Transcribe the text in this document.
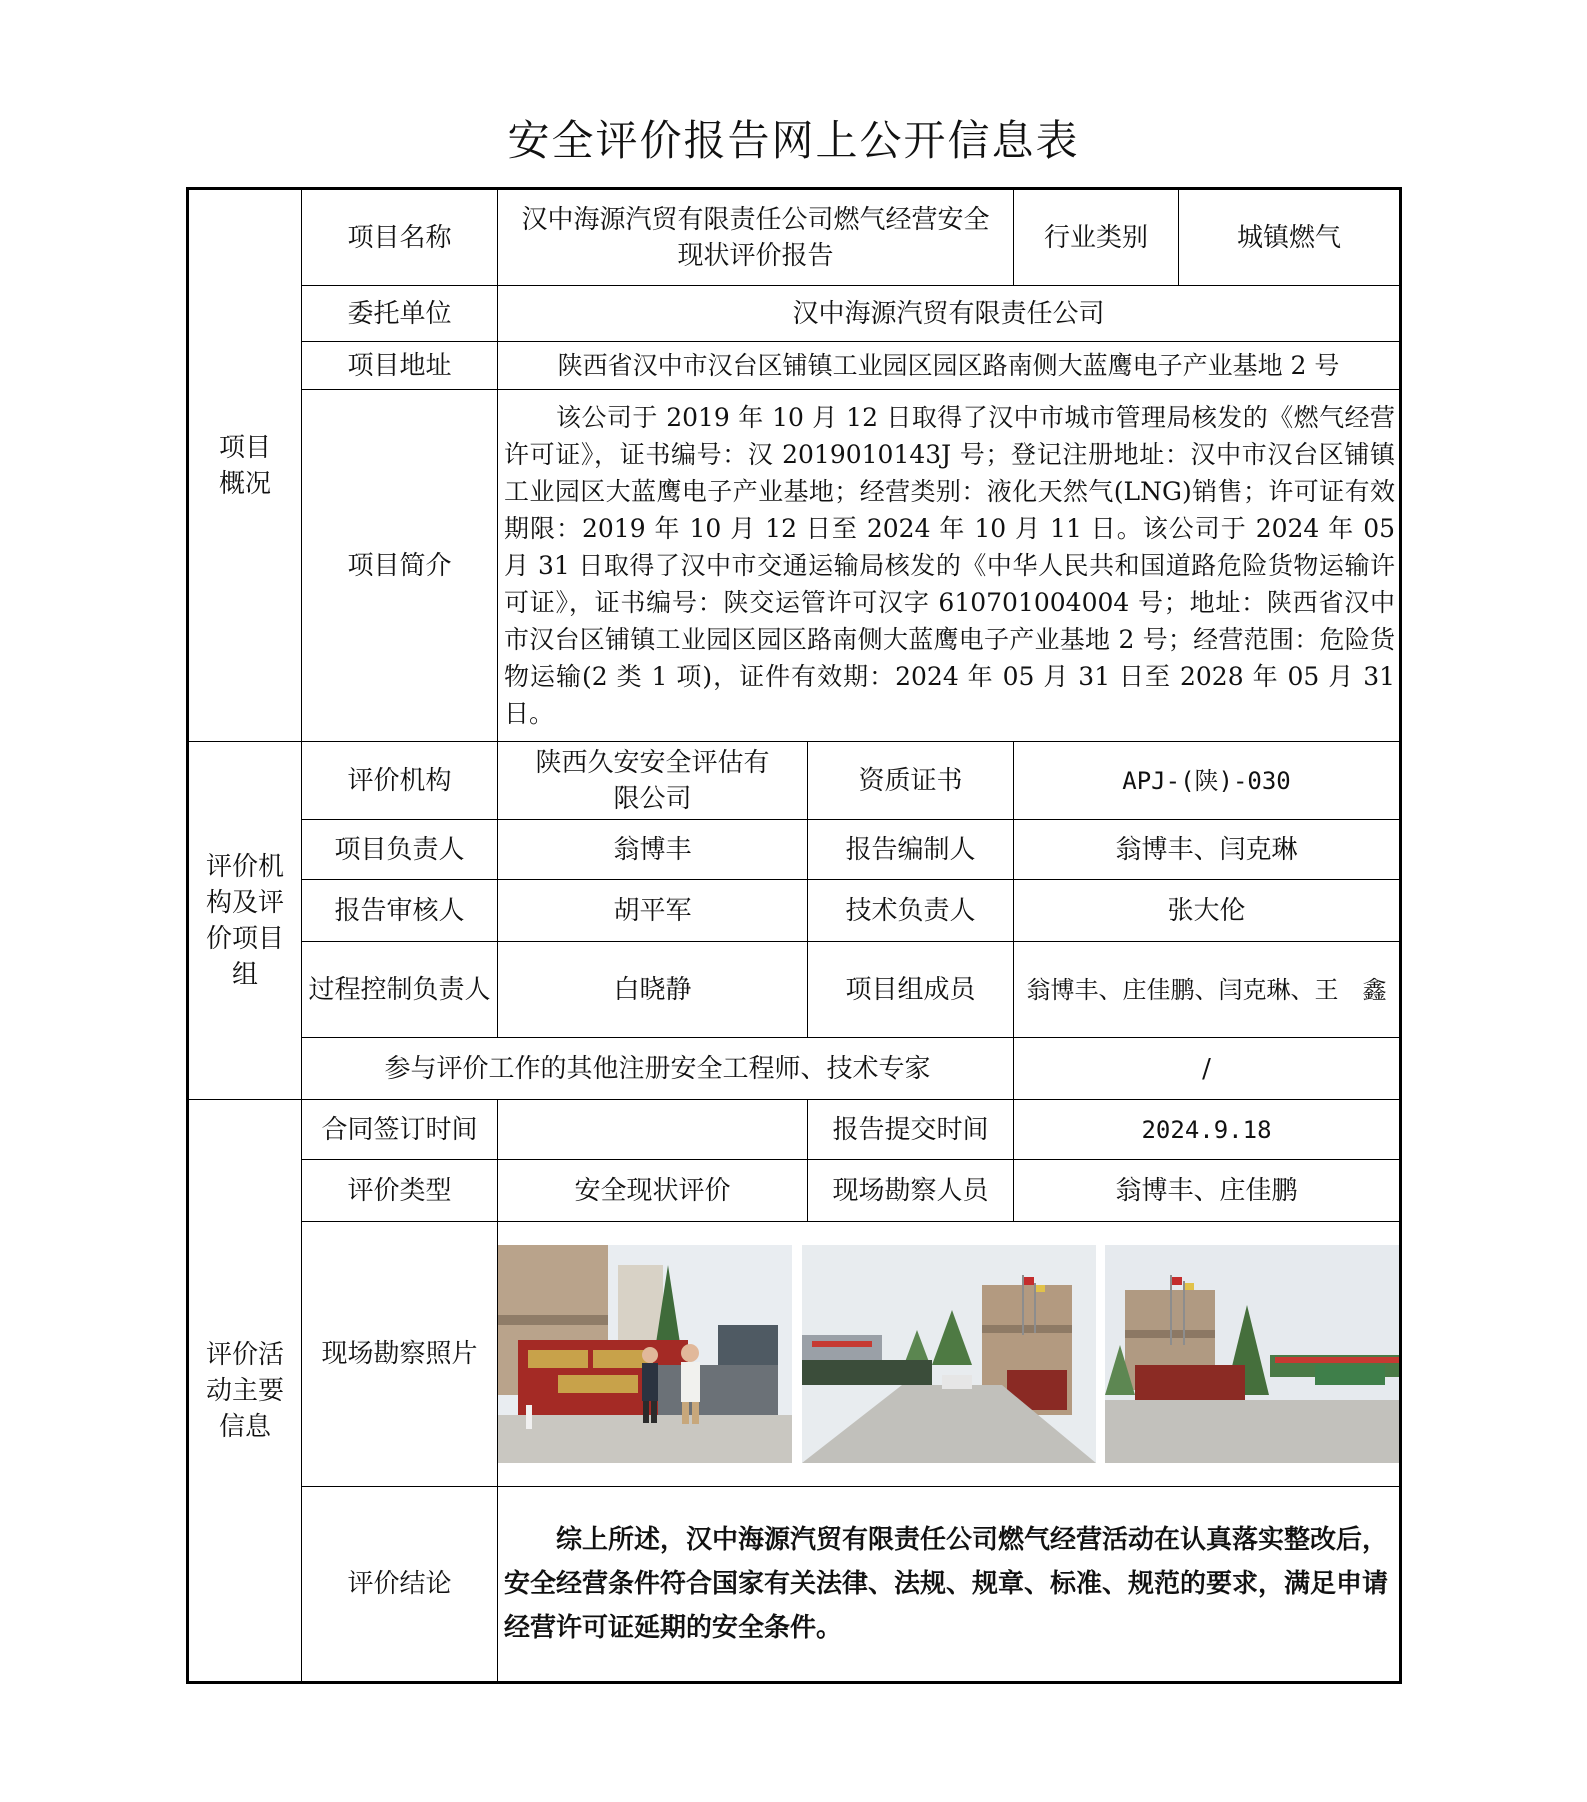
安全评价报告网上公开信息表
项目
概况	项目名称	汉中海源汽贸有限责任公司燃气经营安全现状评价报告		行业类别	城镇燃气
	委托单位	汉中海源汽贸有限责任公司			
	项目地址	陕西省汉中市汉台区铺镇工业园区园区路南侧大蓝鹰电子产业基地 2 号			
	项目简介	该公司于 2019 年 10 月 12 日取得了汉中市城市管理局核发的《燃气经营许可证》，证书编号：汉 2019010143J 号；登记注册地址：汉中市汉台区铺镇工业园区大蓝鹰电子产业基地；经营类别：液化天然气(LNG)销售；许可证有效期限：2019 年 10 月 12 日至 2024 年 10 月 11 日。该公司于 2024 年 05 月 31 日取得了汉中市交通运输局核发的《中华人民共和国道路危险货物运输许可证》，证书编号：陕交运管许可汉字 610701004004 号；地址：陕西省汉中市汉台区铺镇工业园区园区路南侧大蓝鹰电子产业基地 2 号；经营范围：危险货物运输(2 类 1 项)，证件有效期：2024 年 05 月 31 日至 2028 年 05 月 31 日。			
评价机
构及评
价项目
组	评价机构	陕西久安安全评估有限公司	资质证书	APJ-(陕)-030	
	项目负责人	翁博丰	报告编制人	翁博丰、闫克琳	
	报告审核人	胡平军	技术负责人	张大伦	
	过程控制负责人	白晓静	项目组成员	翁博丰、庄佳鹏、闫克琳、王　鑫	
	参与评价工作的其他注册安全工程师、技术专家			/	
评价活
动主要
信息	合同签订时间		报告提交时间	2024.9.18	
	评价类型	安全现状评价	现场勘察人员	翁博丰、庄佳鹏	
	现场勘察照片	

	评价结论	综上所述，汉中海源汽贸有限责任公司燃气经营活动在认真落实整改后，安全经营条件符合国家有关法律、法规、规章、标准、规范的要求，满足申请经营许可证延期的安全条件。			
